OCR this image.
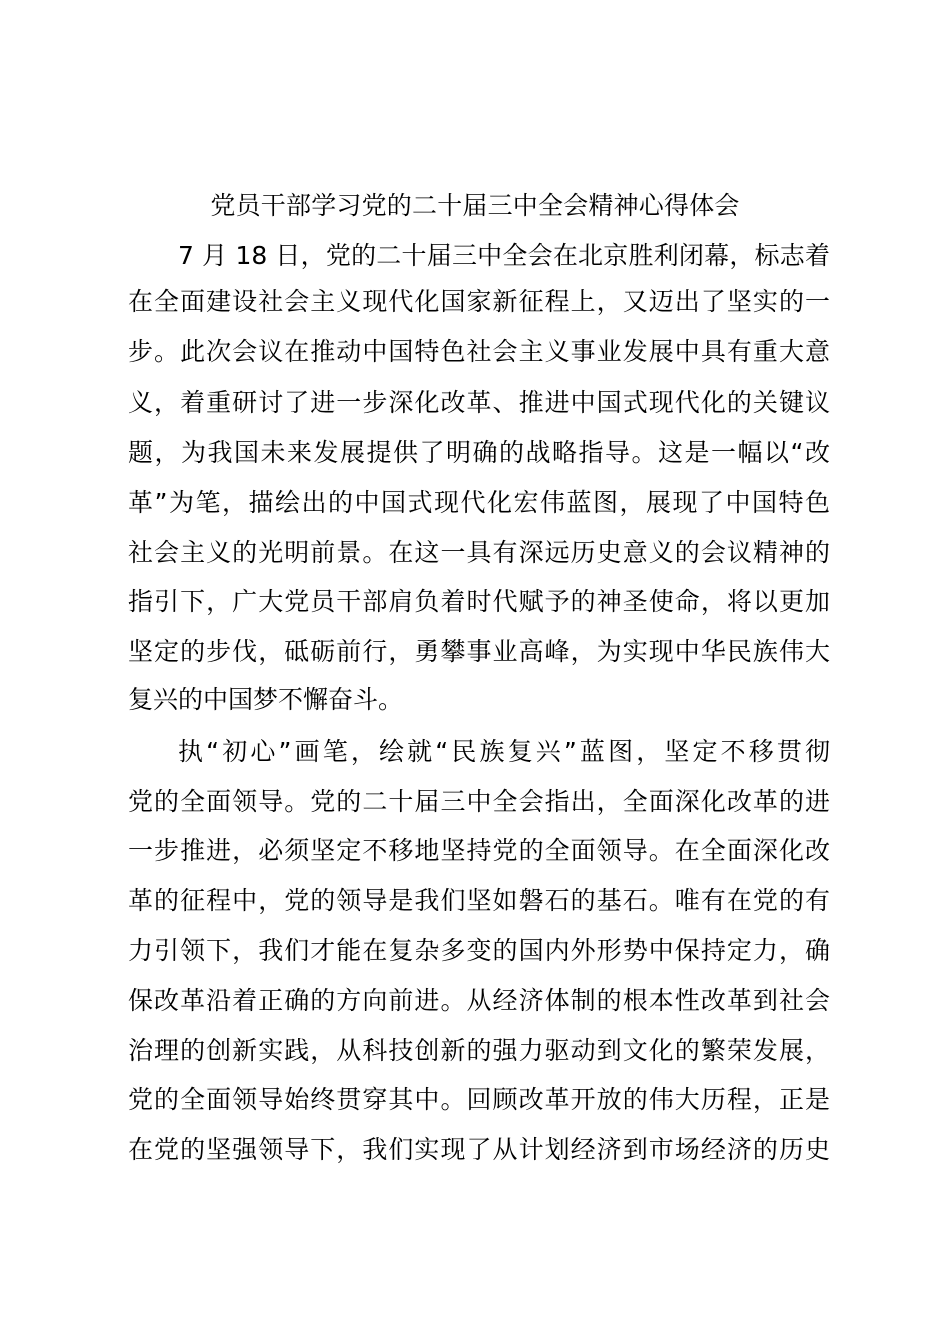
党员干部学习党的二十届三中全会精神心得体会

7 月 18 日，党的二十届三中全会在北京胜利闭幕，标志着

在全面建设社会主义现代化国家新征程上，又迈出了坚实的一

步。此次会议在推动中国特色社会主义事业发展中具有重大意

义，着重研讨了进一步深化改革、推进中国式现代化的关键议

题，为我国未来发展提供了明确的战略指导。这是一幅以“改

革”为笔，描绘出的中国式现代化宏伟蓝图，展现了中国特色

社会主义的光明前景。在这一具有深远历史意义的会议精神的

指引下，广大党员干部肩负着时代赋予的神圣使命，将以更加

坚定的步伐，砥砺前行，勇攀事业高峰，为实现中华民族伟大

复兴的中国梦不懈奋斗。

执“初心”画笔，绘就“民族复兴”蓝图，坚定不移贯彻

党的全面领导。党的二十届三中全会指出，全面深化改革的进

一步推进，必须坚定不移地坚持党的全面领导。在全面深化改

革的征程中，党的领导是我们坚如磐石的基石。唯有在党的有

力引领下，我们才能在复杂多变的国内外形势中保持定力，确

保改革沿着正确的方向前进。从经济体制的根本性改革到社会

治理的创新实践，从科技创新的强力驱动到文化的繁荣发展，

党的全面领导始终贯穿其中。回顾改革开放的伟大历程，正是

在党的坚强领导下，我们实现了从计划经济到市场经济的历史
